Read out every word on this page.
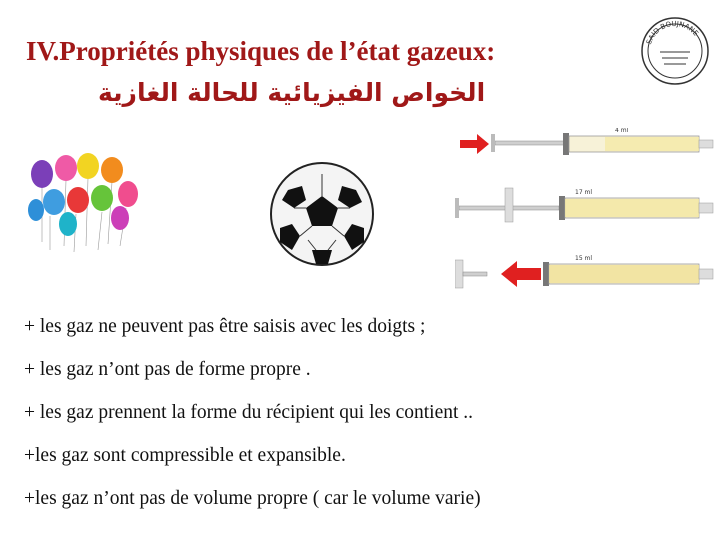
IV.Propriétés physiques de l’état gazeux:
الخواص الفيزيائية للحالة الغازية
SAID BOUJNANE
4 ml
17 ml
15 ml
+ les gaz ne peuvent pas être saisis avec les doigts ;
+ les gaz n’ont pas de forme propre .
+ les gaz prennent la forme du récipient qui les contient ..
+les gaz sont compressible et expansible.
+les gaz n’ont pas de volume propre ( car le volume varie)
